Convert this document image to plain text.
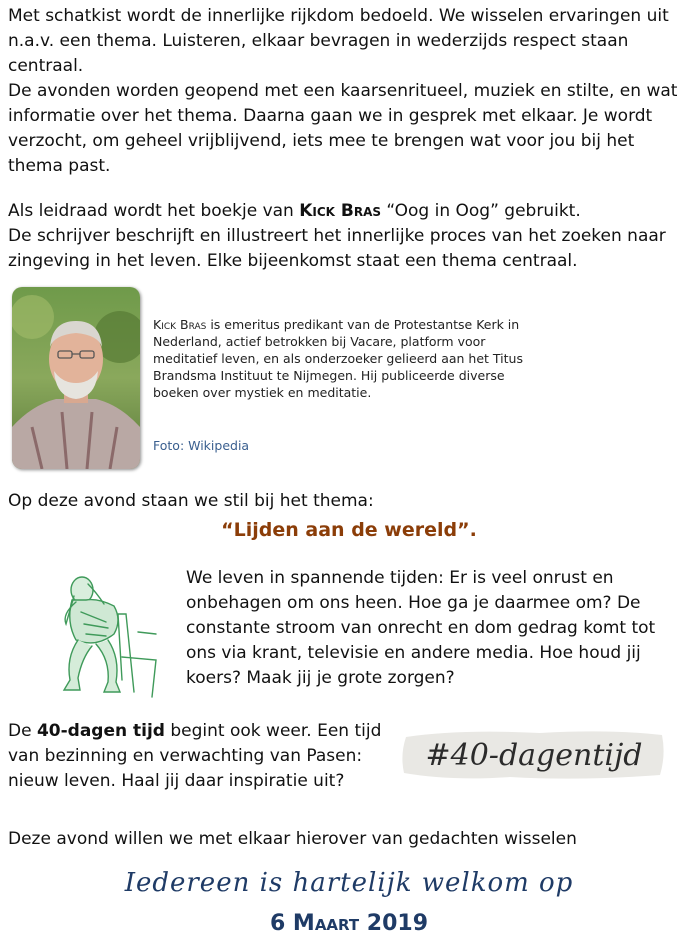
Met schatkist wordt de innerlijke rijkdom bedoeld. We wisselen ervaringen uit n.a.v. een thema. Luisteren, elkaar bevragen in wederzijds respect staan centraal.

De avonden worden geopend met een kaarsenritueel, muziek en stilte, en wat informatie over het thema. Daarna gaan we in gesprek met elkaar. Je wordt verzocht, om geheel vrijblijvend, iets mee te brengen wat voor jou bij het thema past.

Als leidraad wordt het boekje van Kick Bras “Oog in Oog” gebruikt.
De schrijver beschrijft en illustreert het innerlijke proces van het zoeken naar zingeving in het leven. Elke bijeenkomst staat een thema centraal.

Kick Bras is emeritus predikant van de Protestantse Kerk in Nederland, actief betrokken bij Vacare, platform voor meditatief leven, en als onderzoeker gelieerd aan het Titus Brandsma Instituut te Nijmegen. Hij publiceerde diverse boeken over mystiek en meditatie.
Foto: Wikipedia

Op deze avond staan we stil bij het thema:

“Lijden aan de wereld”.

We leven in spannende tijden: Er is veel onrust en onbehagen om ons heen. Hoe ga je daarmee om? De constante stroom van onrecht en dom gedrag komt tot ons via krant, televisie en andere media. Hoe houd jij koers? Maak jij je grote zorgen?

De 40-dagen tijd begint ook weer. Een tijd van bezinning en verwachting van Pasen: nieuw leven. Haal jij daar inspiratie uit?

#40-dagentijd

Deze avond willen we met elkaar hierover van gedachten wisselen

Iedereen is hartelijk welkom op
6 Maart 2019
